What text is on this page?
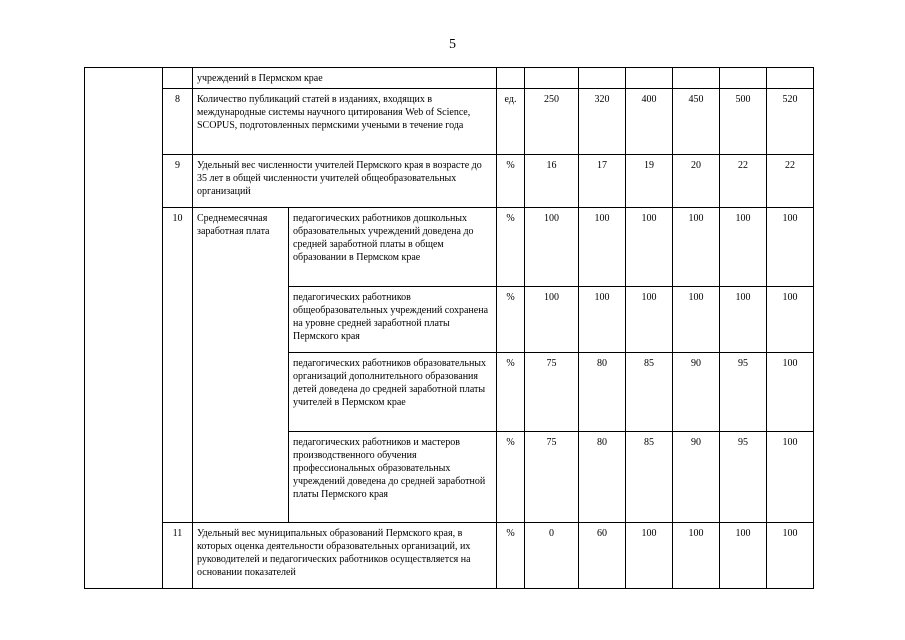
5
		учреждений в Пермском крае								
	8	Количество публикаций статей в изданиях, входящих в международные системы научного цитирования Web of Science, SCOPUS, подготовленных пермскими учеными в течение года		ед.	250	320	400	450	500	520
	9	Удельный вес численности учителей Пермского края в возрасте до 35 лет в общей численности учителей общеобразовательных организаций		%	16	17	19	20	22	22
	10	Среднемесячная заработная плата	педагогических работников дошкольных образовательных учреждений доведена до средней заработной платы в общем образовании в Пермском крае	%	100	100	100	100	100	100
			педагогических работников общеобразовательных учреждений сохранена на уровне средней заработной платы Пермского края	%	100	100	100	100	100	100
			педагогических работников образовательных организаций дополнительного образования детей доведена до средней заработной платы учителей в Пермском крае	%	75	80	85	90	95	100
			педагогических работников и мастеров производственного обучения профессиональных образовательных учреждений доведена до средней заработной платы Пермского края	%	75	80	85	90	95	100
	11	Удельный вес муниципальных образований Пермского края, в которых оценка деятельности образовательных организаций, их руководителей и педагогических работников осуществляется на основании показателей		%	0	60	100	100	100	100
